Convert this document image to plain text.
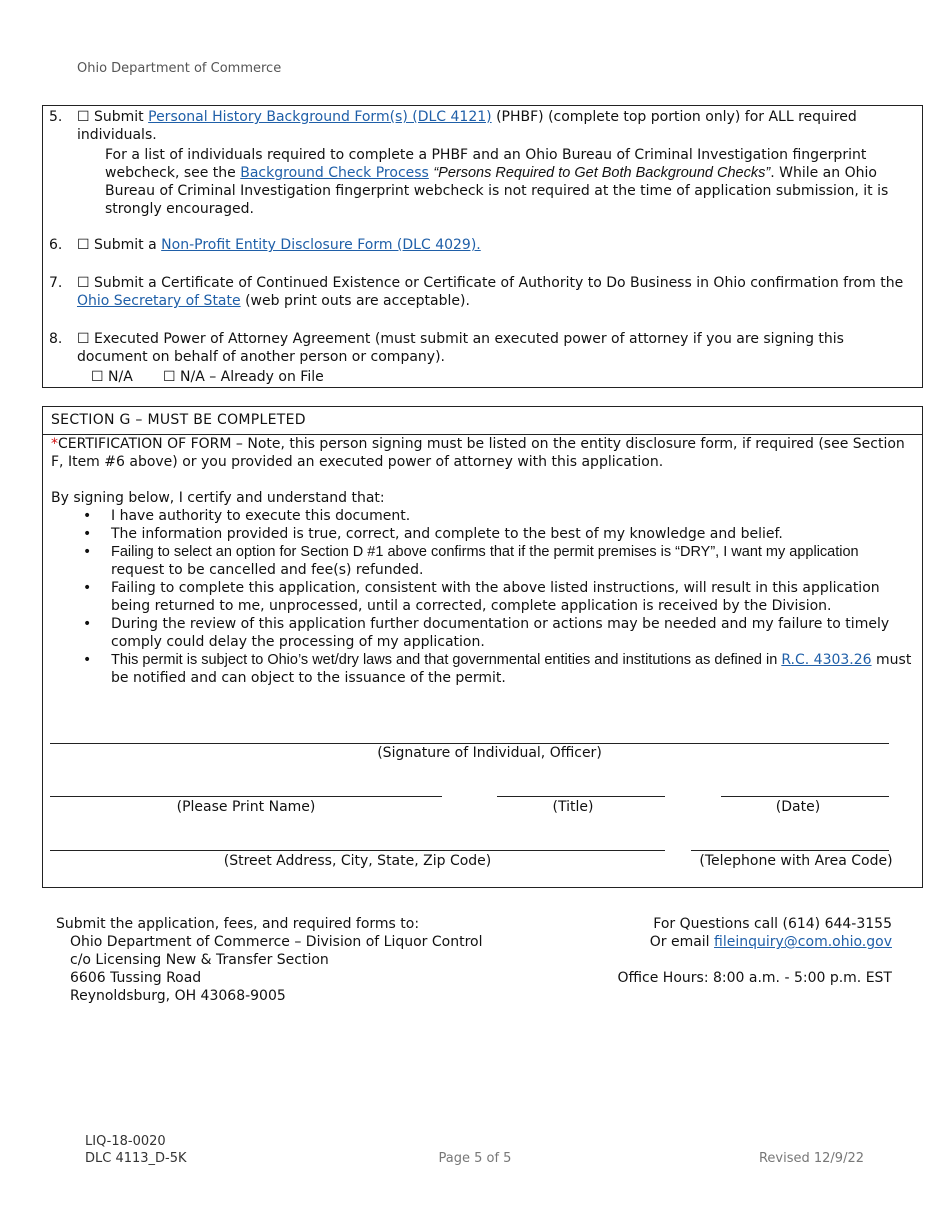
Ohio Department of Commerce
5. ☐ Submit Personal History Background Form(s) (DLC 4121) (PHBF) (complete top portion only) for ALL required individuals.
For a list of individuals required to complete a PHBF and an Ohio Bureau of Criminal Investigation fingerprint webcheck, see the Background Check Process “Persons Required to Get Both Background Checks”. While an Ohio Bureau of Criminal Investigation fingerprint webcheck is not required at the time of application submission, it is strongly encouraged.
6. ☐ Submit a Non-Profit Entity Disclosure Form (DLC 4029).
7. ☐ Submit a Certificate of Continued Existence or Certificate of Authority to Do Business in Ohio confirmation from the Ohio Secretary of State (web print outs are acceptable).
8. ☐ Executed Power of Attorney Agreement (must submit an executed power of attorney if you are signing this document on behalf of another person or company).
☐ N/A ☐ N/A – Already on File
SECTION G – MUST BE COMPLETED
*CERTIFICATION OF FORM – Note, this person signing must be listed on the entity disclosure form, if required (see Section F, Item #6 above) or you provided an executed power of attorney with this application.
By signing below, I certify and understand that:
• I have authority to execute this document.
• The information provided is true, correct, and complete to the best of my knowledge and belief.
• Failing to select an option for Section D #1 above confirms that if the permit premises is “DRY”, I want my application
request to be cancelled and fee(s) refunded.
• Failing to complete this application, consistent with the above listed instructions, will result in this application being returned to me, unprocessed, until a corrected, complete application is received by the Division.
• During the review of this application further documentation or actions may be needed and my failure to timely comply could delay the processing of my application.
• This permit is subject to Ohio’s wet/dry laws and that governmental entities and institutions as defined in R.C. 4303.26 must be notified and can object to the issuance of the permit.
(Signature of Individual, Officer)
(Please Print Name)	(Title)	(Date)
(Street Address, City, State, Zip Code)	(Telephone with Area Code)
Submit the application, fees, and required forms to:
Ohio Department of Commerce – Division of Liquor Control
c/o Licensing New & Transfer Section
6606 Tussing Road
Reynoldsburg, OH 43068-9005
For Questions call (614) 644-3155
Or email fileinquiry@com.ohio.gov
Office Hours: 8:00 a.m. - 5:00 p.m. EST
LIQ-18-0020
DLC 4113_D-5K	Page 5 of 5	Revised 12/9/22
